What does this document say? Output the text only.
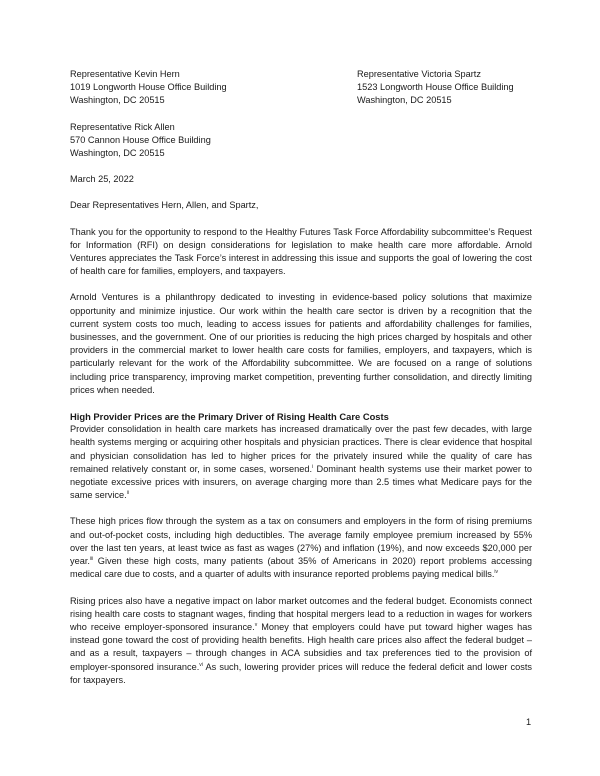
Representative Kevin Hern
1019 Longworth House Office Building
Washington, DC 20515
Representative Victoria Spartz
1523 Longworth House Office Building
Washington, DC 20515
Representative Rick Allen
570 Cannon House Office Building
Washington, DC 20515
March 25, 2022
Dear Representatives Hern, Allen, and Spartz,

Thank you for the opportunity to respond to the Healthy Futures Task Force Affordability subcommittee’s Request for Information (RFI) on design considerations for legislation to make health care more affordable. Arnold Ventures appreciates the Task Force’s interest in addressing this issue and supports the goal of lowering the cost of health care for families, employers, and taxpayers.

Arnold Ventures is a philanthropy dedicated to investing in evidence-based policy solutions that maximize opportunity and minimize injustice. Our work within the health care sector is driven by a recognition that the current system costs too much, leading to access issues for patients and affordability challenges for families, businesses, and the government. One of our priorities is reducing the high prices charged by hospitals and other providers in the commercial market to lower health care costs for families, employers, and taxpayers, which is particularly relevant for the work of the Affordability subcommittee. We are focused on a range of solutions including price transparency, improving market competition, preventing further consolidation, and directly limiting prices when needed.

High Provider Prices are the Primary Driver of Rising Health Care Costs

Provider consolidation in health care markets has increased dramatically over the past few decades, with large health systems merging or acquiring other hospitals and physician practices. There is clear evidence that hospital and physician consolidation has led to higher prices for the privately insured while the quality of care has remained relatively constant or, in some cases, worsened.$^i$ Dominant health systems use their market power to negotiate excessive prices with insurers, on average charging more than 2.5 times what Medicare pays for the same service.$^{ii}$

These high prices flow through the system as a tax on consumers and employers in the form of rising premiums and out-of-pocket costs, including high deductibles. The average family employee premium increased by 55% over the last ten years, at least twice as fast as wages (27%) and inflation (19%), and now exceeds $20,000 per year.$^{iii}$ Given these high costs, many patients (about 35% of Americans in 2020) report problems accessing medical care due to costs, and a quarter of adults with insurance reported problems paying medical bills.$^{iv}$

Rising prices also have a negative impact on labor market outcomes and the federal budget. Economists connect rising health care costs to stagnant wages, finding that hospital mergers lead to a reduction in wages for workers who receive employer-sponsored insurance.$^v$ Money that employers could have put toward higher wages has instead gone toward the cost of providing health benefits. High health care prices also affect the federal budget – and as a result, taxpayers – through changes in ACA subsidies and tax preferences tied to the provision of employer-sponsored insurance.$^{vi}$ As such, lowering provider prices will reduce the federal deficit and lower costs for taxpayers.

1
